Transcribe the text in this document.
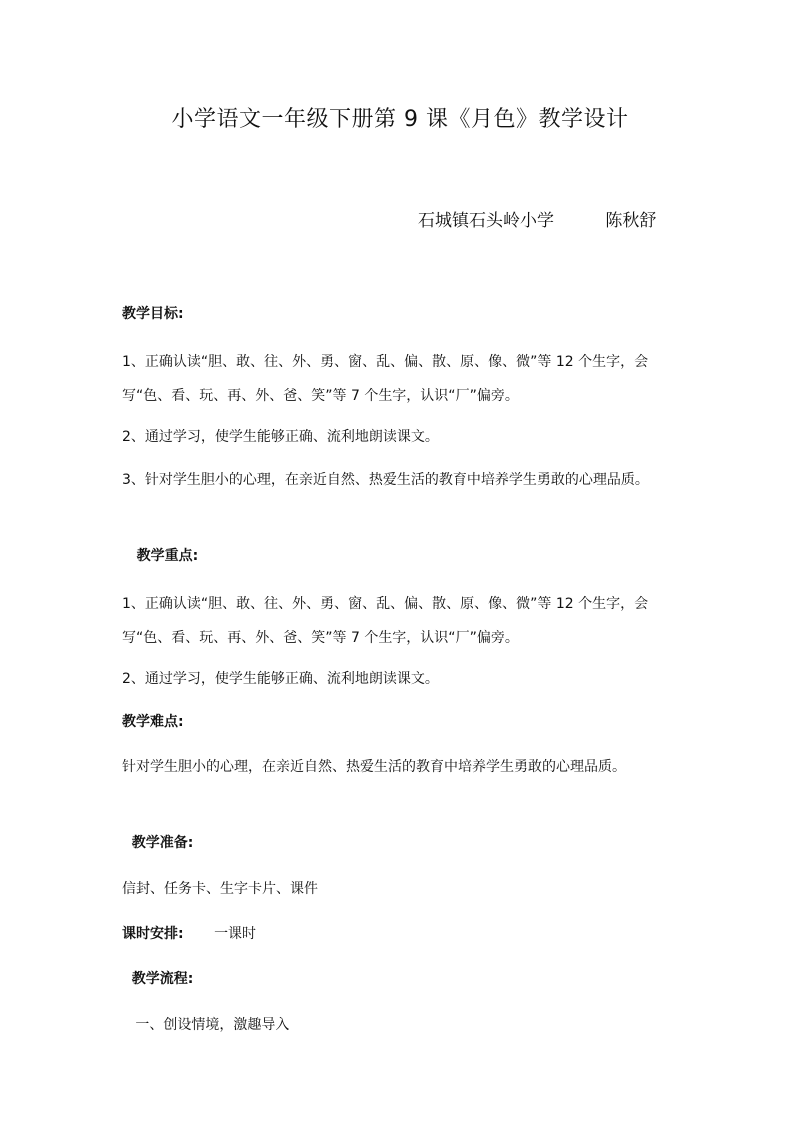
小学语文一年级下册第 9 课《月色》教学设计
石城镇石头岭小学	陈秋舒
教学目标:
1、正确认读“胆、敢、往、外、勇、窗、乱、偏、散、原、像、微”等 12 个生字，会写“色、看、玩、再、外、爸、笑”等 7 个生字，认识“厂”偏旁。
2、通过学习，使学生能够正确、流利地朗读课文。
3、针对学生胆小的心理，在亲近自然、热爱生活的教育中培养学生勇敢的心理品质。
教学重点:
1、正确认读“胆、敢、往、外、勇、窗、乱、偏、散、原、像、微”等 12 个生字，会写“色、看、玩、再、外、爸、笑”等 7 个生字，认识“厂”偏旁。
2、通过学习，使学生能够正确、流利地朗读课文。
教学难点:
针对学生胆小的心理，在亲近自然、热爱生活的教育中培养学生勇敢的心理品质。
教学准备:
信封、任务卡、生字卡片、课件
课时安排: 一课时
教学流程:
一、创设情境，激趣导入
